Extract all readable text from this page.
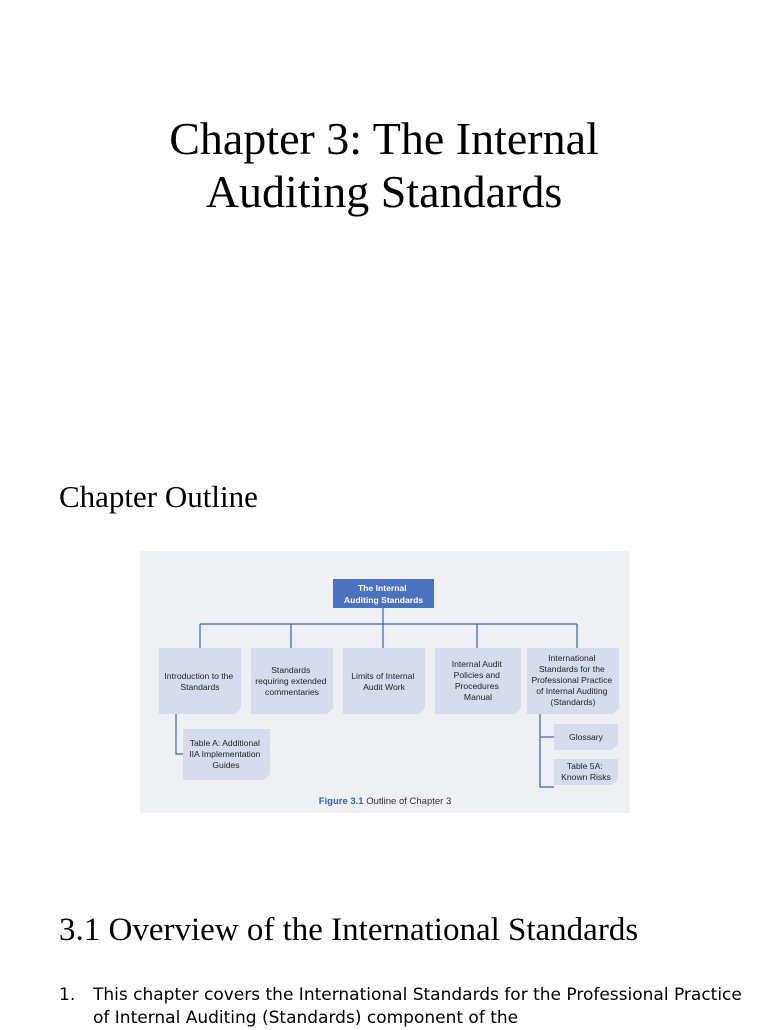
Chapter 3: The Internal
Auditing Standards
Chapter Outline
The Internal Auditing Standards
Introduction to the Standards
Standards requiring extended commentaries
Limits of Internal Audit Work
Internal Audit Policies and Procedures Manual
International Standards for the Professional Practice of Internal Auditing (Standards)
Table A: Additional IIA Implementation Guides
Glossary
Table 5A: Known Risks
Figure 3.1 Outline of Chapter 3
3.1 Overview of the International Standards
1.	This chapter covers the International Standards for the Professional Practice of Internal Auditing (Standards) component of the
